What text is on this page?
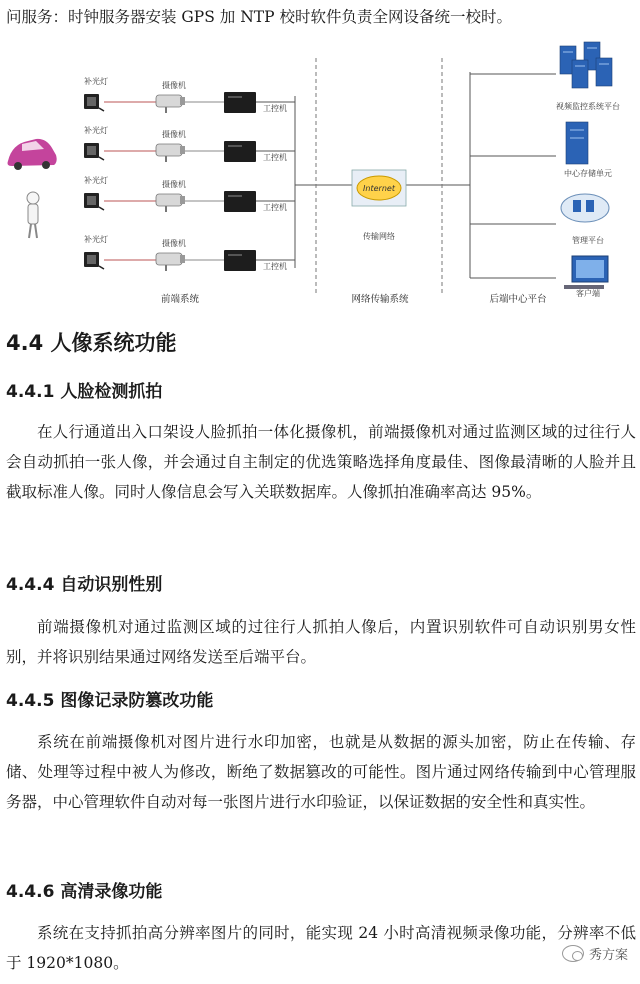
问服务：时钟服务器安装 GPS 加 NTP 校时软件负责全网设备统一校时。

补光灯	摄像机
工控机
补光灯	摄像机
工控机
补光灯	摄像机
工控机
补光灯	摄像机
工控机
Internet
传输网络
视频监控系统平台
中心存储单元
管理平台
客户端
前端系统	网络传输系统	后端中心平台
4.4 人像系统功能
4.4.1 人脸检测抓拍

在人行通道出入口架设人脸抓拍一体化摄像机，前端摄像机对通过监测区域的过往行人会自动抓拍一张人像，并会通过自主制定的优选策略选择角度最佳、图像最清晰的人脸并且截取标准人像。同时人像信息会写入关联数据库。人像抓拍准确率高达 95%。

4.4.4 自动识别性别

前端摄像机对通过监测区域的过往行人抓拍人像后，内置识别软件可自动识别男女性别，并将识别结果通过网络发送至后端平台。

4.4.5 图像记录防篡改功能

系统在前端摄像机对图片进行水印加密，也就是从数据的源头加密，防止在传输、存储、处理等过程中被人为修改，断绝了数据篡改的可能性。图片通过网络传输到中心管理服务器，中心管理软件自动对每一张图片进行水印验证，以保证数据的安全性和真实性。

4.4.6 高清录像功能

系统在支持抓拍高分辨率图片的同时，能实现 24 小时高清视频录像功能，分辨率不低于 1920*1080。	秀方案
